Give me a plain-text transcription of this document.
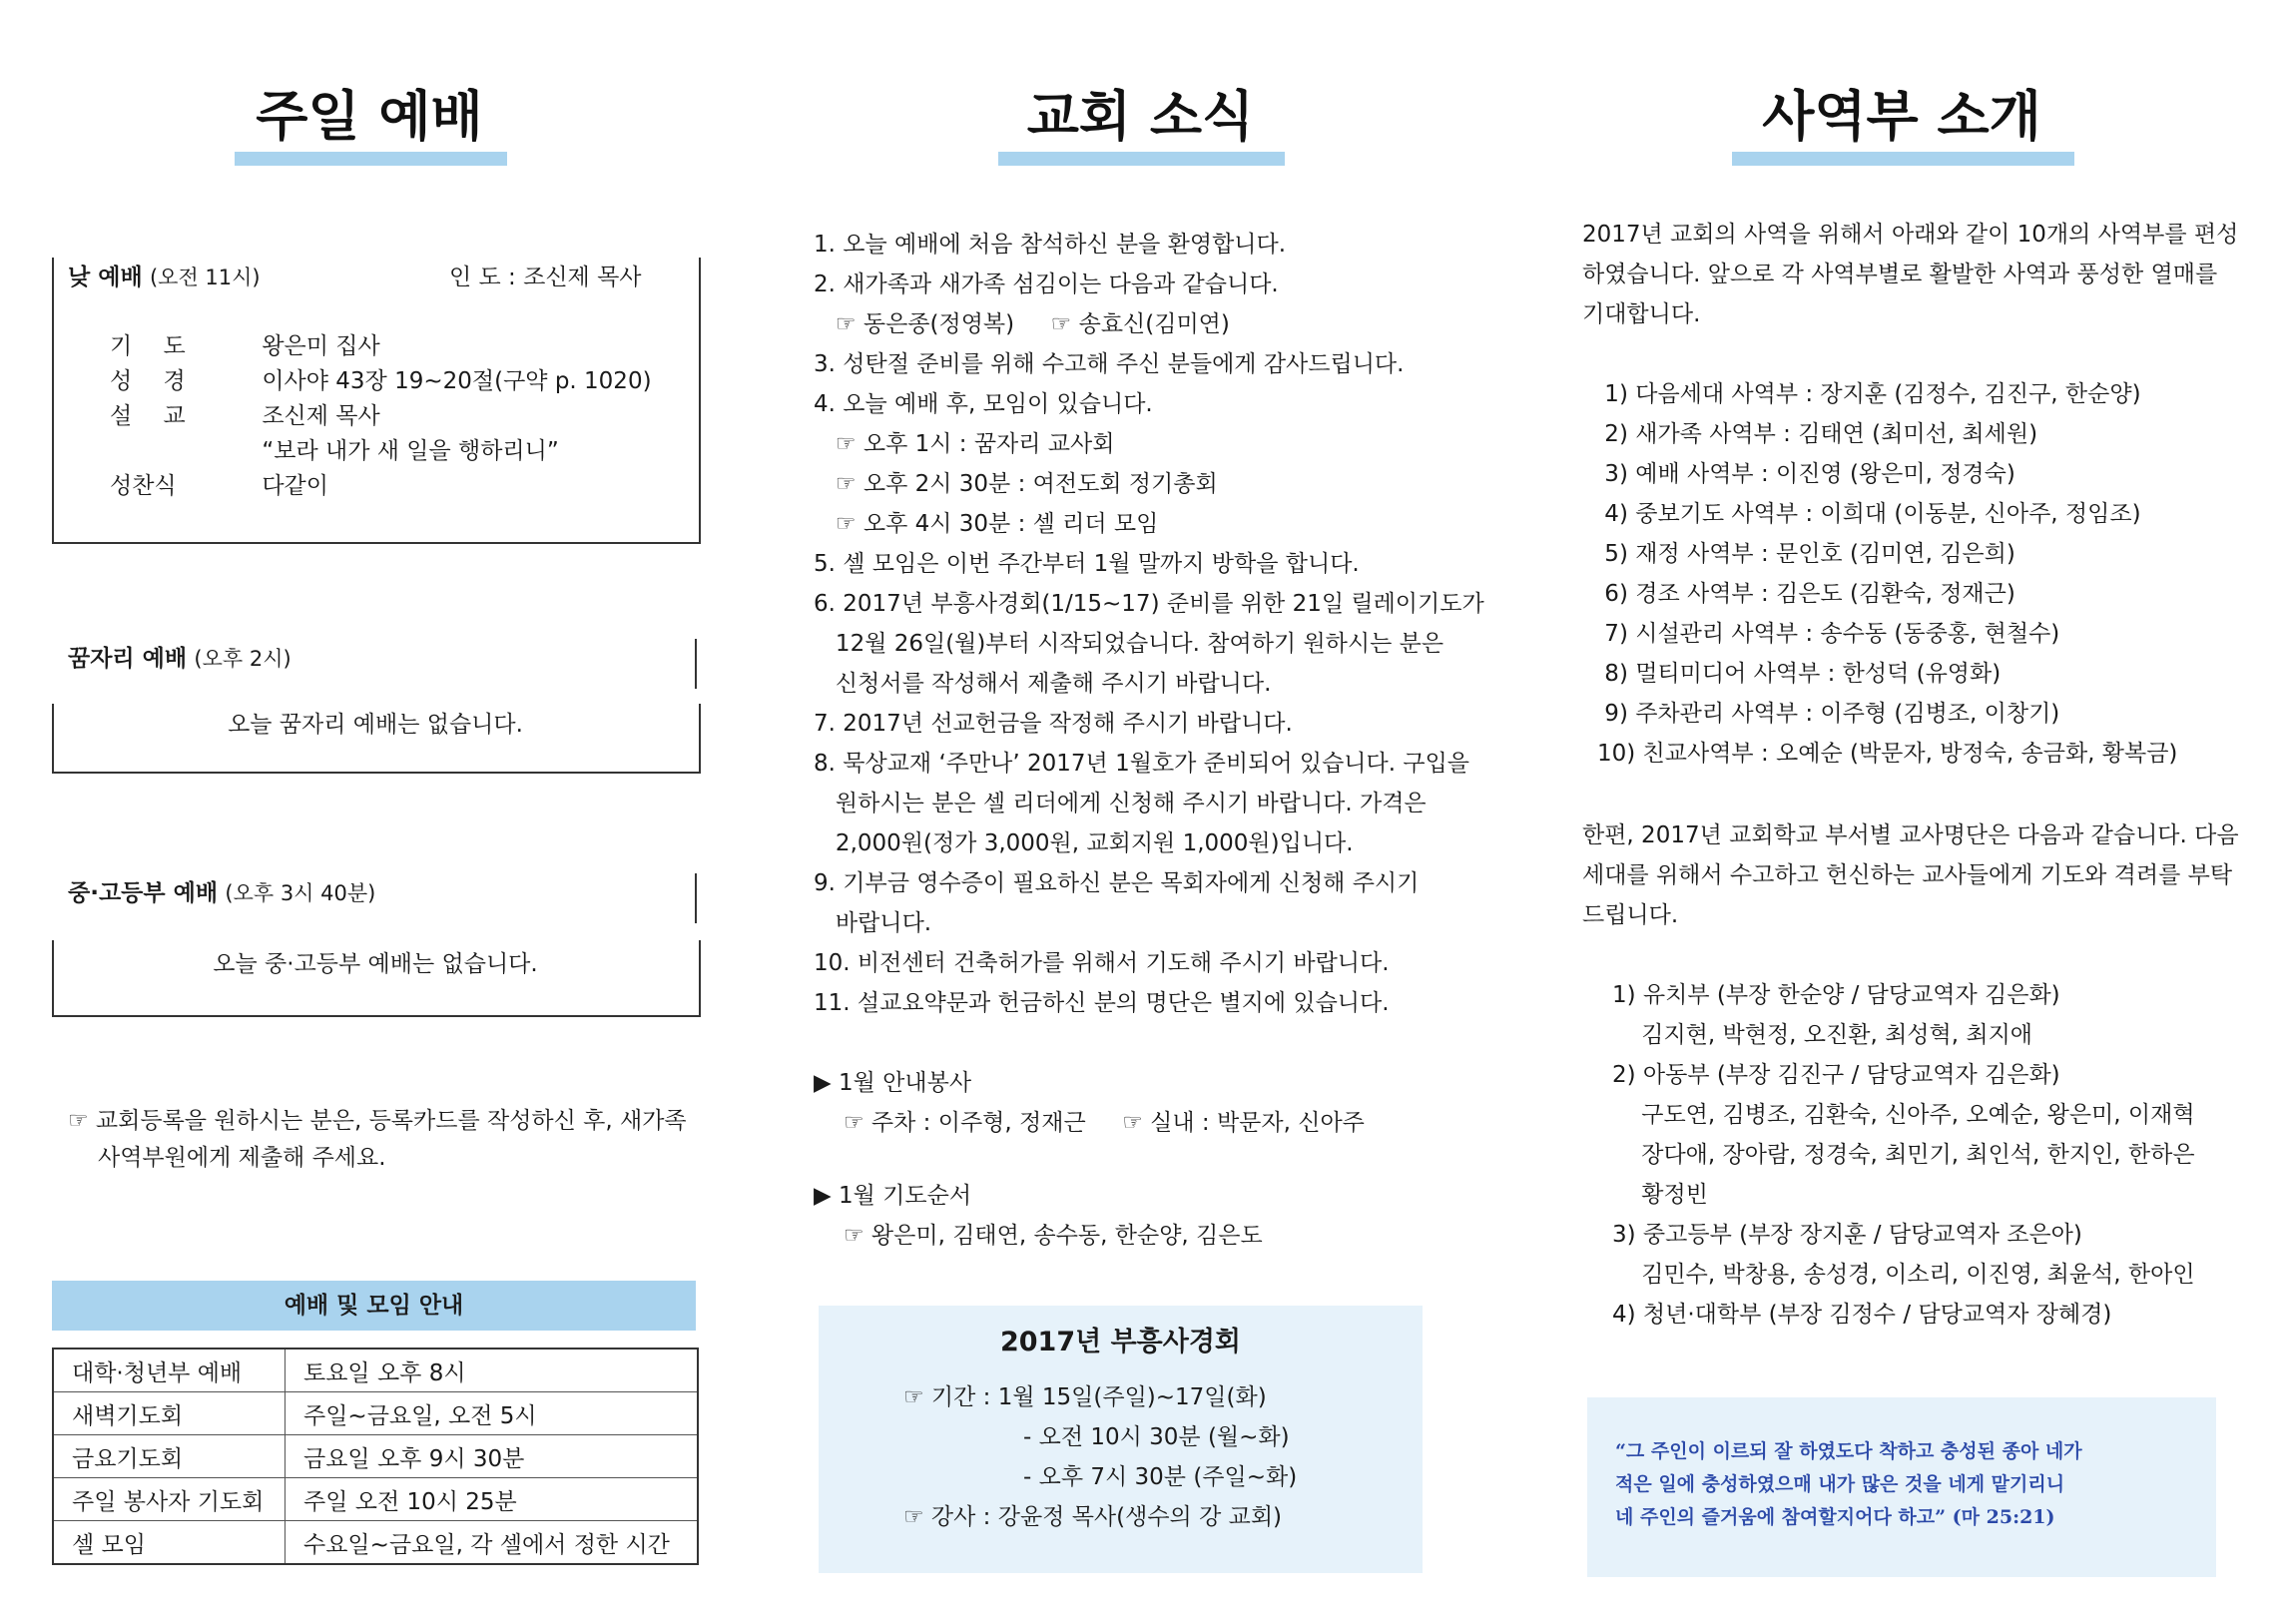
주일 예배
낮 예배 (오전 11시)	인 도 : 조신제 목사
기 도	왕은미 집사
성 경	이사야 43장 19~20절(구약 p. 1020)
설 교	조신제 목사
“보라 내가 새 일을 행하리니”
성찬식	다같이
꿈자리 예배 (오후 2시)
오늘 꿈자리 예배는 없습니다.
중·고등부 예배 (오후 3시 40분)
오늘 중·고등부 예배는 없습니다.
☞ 교회등록을 원하시는 분은, 등록카드를 작성하신 후, 새가족
사역부원에게 제출해 주세요.
예배 및 모임 안내
대학·청년부 예배	토요일 오후 8시
새벽기도회	주일~금요일, 오전 5시
금요기도회	금요일 오후 9시 30분
주일 봉사자 기도회	주일 오전 10시 25분
셀 모임	수요일~금요일, 각 셀에서 정한 시간
교회 소식
1. 오늘 예배에 처음 참석하신 분을 환영합니다.
2. 새가족과 새가족 섬김이는 다음과 같습니다.
☞ 동은종(정영복)     ☞ 송효신(김미연)
3. 성탄절 준비를 위해 수고해 주신 분들에게 감사드립니다.
4. 오늘 예배 후, 모임이 있습니다.
☞ 오후 1시 : 꿈자리 교사회
☞ 오후 2시 30분 : 여전도회 정기총회
☞ 오후 4시 30분 : 셀 리더 모임
5. 셀 모임은 이번 주간부터 1월 말까지 방학을 합니다.
6. 2017년 부흥사경회(1/15~17) 준비를 위한 21일 릴레이기도가
12월 26일(월)부터 시작되었습니다. 참여하기 원하시는 분은
신청서를 작성해서 제출해 주시기 바랍니다.
7. 2017년 선교헌금을 작정해 주시기 바랍니다.
8. 묵상교재 ‘주만나’ 2017년 1월호가 준비되어 있습니다. 구입을
원하시는 분은 셀 리더에게 신청해 주시기 바랍니다. 가격은
2,000원(정가 3,000원, 교회지원 1,000원)입니다.
9. 기부금 영수증이 필요하신 분은 목회자에게 신청해 주시기
바랍니다.
10. 비전센터 건축허가를 위해서 기도해 주시기 바랍니다.
11. 설교요약문과 헌금하신 분의 명단은 별지에 있습니다.
▶ 1월 안내봉사
☞ 주차 : 이주형, 정재근     ☞ 실내 : 박문자, 신아주
▶ 1월 기도순서
☞ 왕은미, 김태연, 송수동, 한순양, 김은도
2017년 부흥사경회
☞ 기간 : 1월 15일(주일)~17일(화)
- 오전 10시 30분 (월~화)
- 오후 7시 30분 (주일~화)
☞ 강사 : 강윤정 목사(생수의 강 교회)
사역부 소개
2017년 교회의 사역을 위해서 아래와 같이 10개의 사역부를 편성
하였습니다. 앞으로 각 사역부별로 활발한 사역과 풍성한 열매를
기대합니다.
1) 다음세대 사역부 : 장지훈 (김정수, 김진구, 한순양)
2) 새가족 사역부 : 김태연 (최미선, 최세원)
3) 예배 사역부 : 이진영 (왕은미, 정경숙)
4) 중보기도 사역부 : 이희대 (이동분, 신아주, 정임조)
5) 재정 사역부 : 문인호 (김미연, 김은희)
6) 경조 사역부 : 김은도 (김환숙, 정재근)
7) 시설관리 사역부 : 송수동 (동중홍, 현철수)
8) 멀티미디어 사역부 : 한성덕 (유영화)
9) 주차관리 사역부 : 이주형 (김병조, 이창기)
10) 친교사역부 : 오예순 (박문자, 방정숙, 송금화, 황복금)
한편, 2017년 교회학교 부서별 교사명단은 다음과 같습니다. 다음
세대를 위해서 수고하고 헌신하는 교사들에게 기도와 격려를 부탁
드립니다.
1) 유치부 (부장 한순양 / 담당교역자 김은화)
김지현, 박현정, 오진환, 최성혁, 최지애
2) 아동부 (부장 김진구 / 담당교역자 김은화)
구도연, 김병조, 김환숙, 신아주, 오예순, 왕은미, 이재혁
장다애, 장아람, 정경숙, 최민기, 최인석, 한지인, 한하은
황정빈
3) 중고등부 (부장 장지훈 / 담당교역자 조은아)
김민수, 박창용, 송성경, 이소리, 이진영, 최윤석, 한아인
4) 청년·대학부 (부장 김정수 / 담당교역자 장혜경)
“그 주인이 이르되 잘 하였도다 착하고 충성된 종아 네가
적은 일에 충성하였으매 내가 많은 것을 네게 맡기리니
네 주인의 즐거움에 참여할지어다 하고” (마 25:21)
